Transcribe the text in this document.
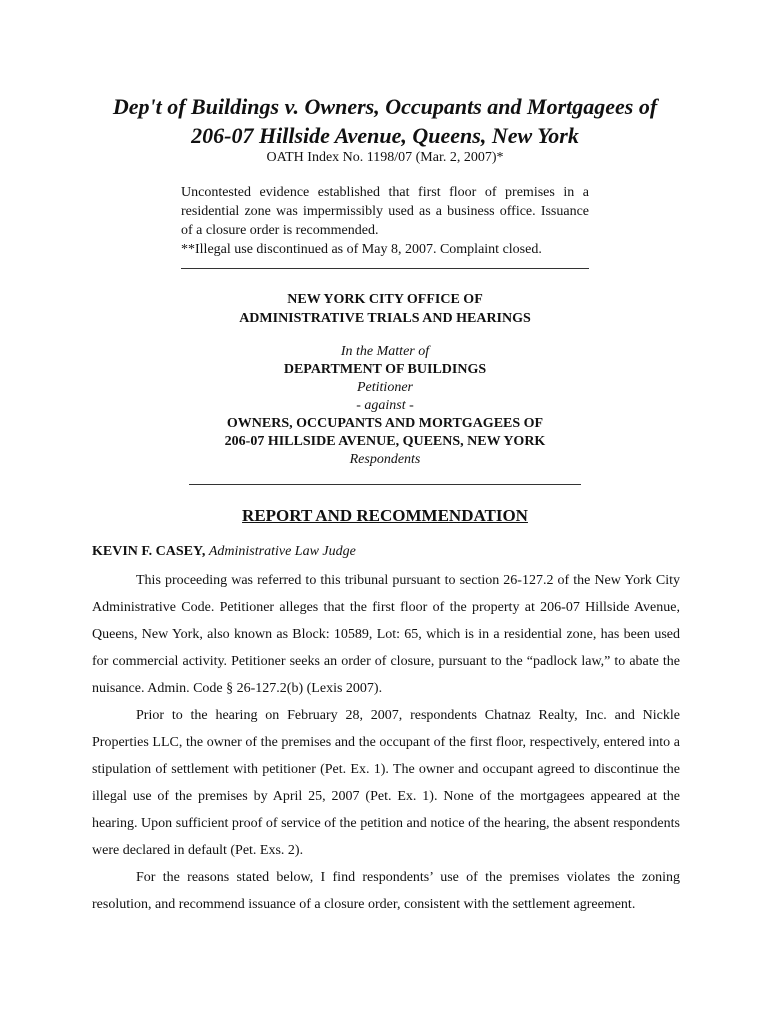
Dep't of Buildings v. Owners, Occupants and Mortgagees of
206-07 Hillside Avenue, Queens, New York
OATH Index No. 1198/07 (Mar. 2, 2007)*

Uncontested evidence established that first floor of premises in a residential zone was impermissibly used as a business office. Issuance of a closure order is recommended.

**Illegal use discontinued as of May 8, 2007. Complaint closed.

NEW YORK CITY OFFICE OF
ADMINISTRATIVE TRIALS AND HEARINGS
In the Matter of
DEPARTMENT OF BUILDINGS
Petitioner
- against -
OWNERS, OCCUPANTS AND MORTGAGEES OF
206-07 HILLSIDE AVENUE, QUEENS, NEW YORK
Respondents
REPORT AND RECOMMENDATION
KEVIN F. CASEY, Administrative Law Judge

This proceeding was referred to this tribunal pursuant to section 26-127.2 of the New York City Administrative Code. Petitioner alleges that the first floor of the property at 206-07 Hillside Avenue, Queens, New York, also known as Block: 10589, Lot: 65, which is in a residential zone, has been used for commercial activity. Petitioner seeks an order of closure, pursuant to the “padlock law,” to abate the nuisance. Admin. Code § 26-127.2(b) (Lexis 2007).

Prior to the hearing on February 28, 2007, respondents Chatnaz Realty, Inc. and Nickle Properties LLC, the owner of the premises and the occupant of the first floor, respectively, entered into a stipulation of settlement with petitioner (Pet. Ex. 1). The owner and occupant agreed to discontinue the illegal use of the premises by April 25, 2007 (Pet. Ex. 1). None of the mortgagees appeared at the hearing. Upon sufficient proof of service of the petition and notice of the hearing, the absent respondents were declared in default (Pet. Exs. 2).

For the reasons stated below, I find respondents’ use of the premises violates the zoning resolution, and recommend issuance of a closure order, consistent with the settlement agreement.
